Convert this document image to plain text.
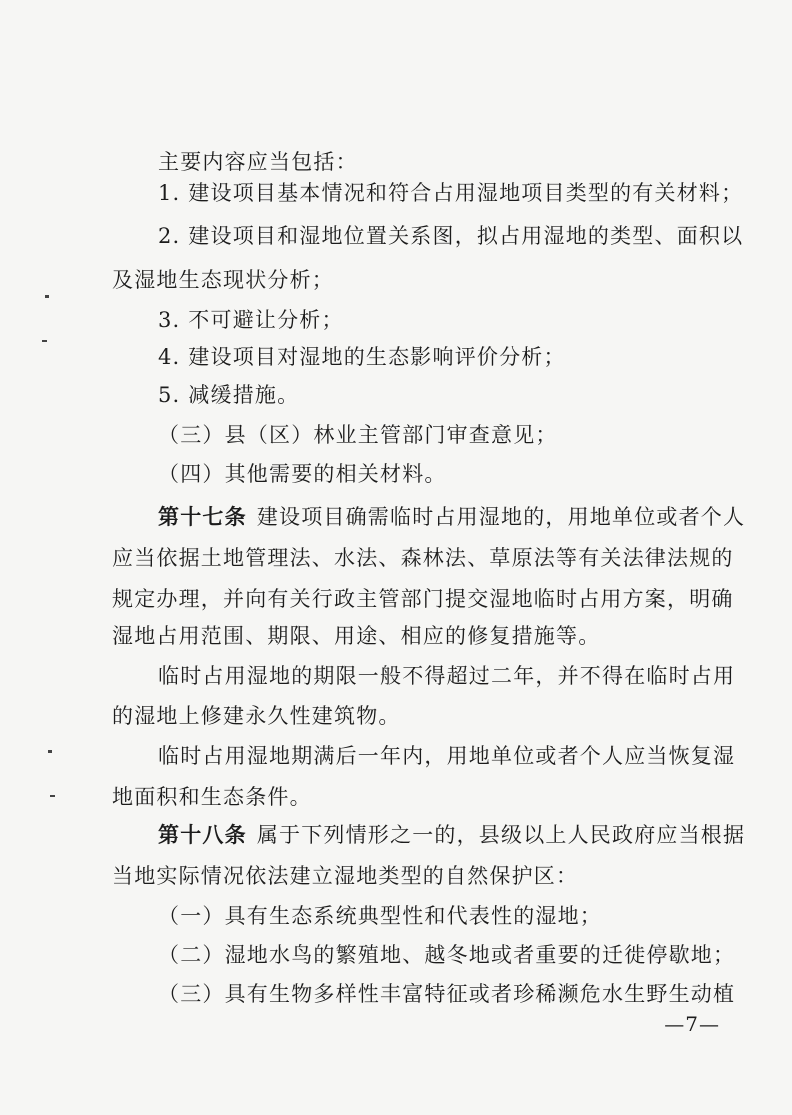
主要内容应当包括：
1. 建设项目基本情况和符合占用湿地项目类型的有关材料；
2. 建设项目和湿地位置关系图，拟占用湿地的类型、面积以
及湿地生态现状分析；
3. 不可避让分析；
4. 建设项目对湿地的生态影响评价分析；
5. 减缓措施。
（三）县（区）林业主管部门审查意见；
（四）其他需要的相关材料。
第十七条 建设项目确需临时占用湿地的，用地单位或者个人
应当依据土地管理法、水法、森林法、草原法等有关法律法规的
规定办理，并向有关行政主管部门提交湿地临时占用方案，明确
湿地占用范围、期限、用途、相应的修复措施等。
临时占用湿地的期限一般不得超过二年，并不得在临时占用
的湿地上修建永久性建筑物。
临时占用湿地期满后一年内，用地单位或者个人应当恢复湿
地面积和生态条件。
第十八条 属于下列情形之一的，县级以上人民政府应当根据
当地实际情况依法建立湿地类型的自然保护区：
（一）具有生态系统典型性和代表性的湿地；
（二）湿地水鸟的繁殖地、越冬地或者重要的迁徙停歇地；
（三）具有生物多样性丰富特征或者珍稀濒危水生野生动植
—7—
